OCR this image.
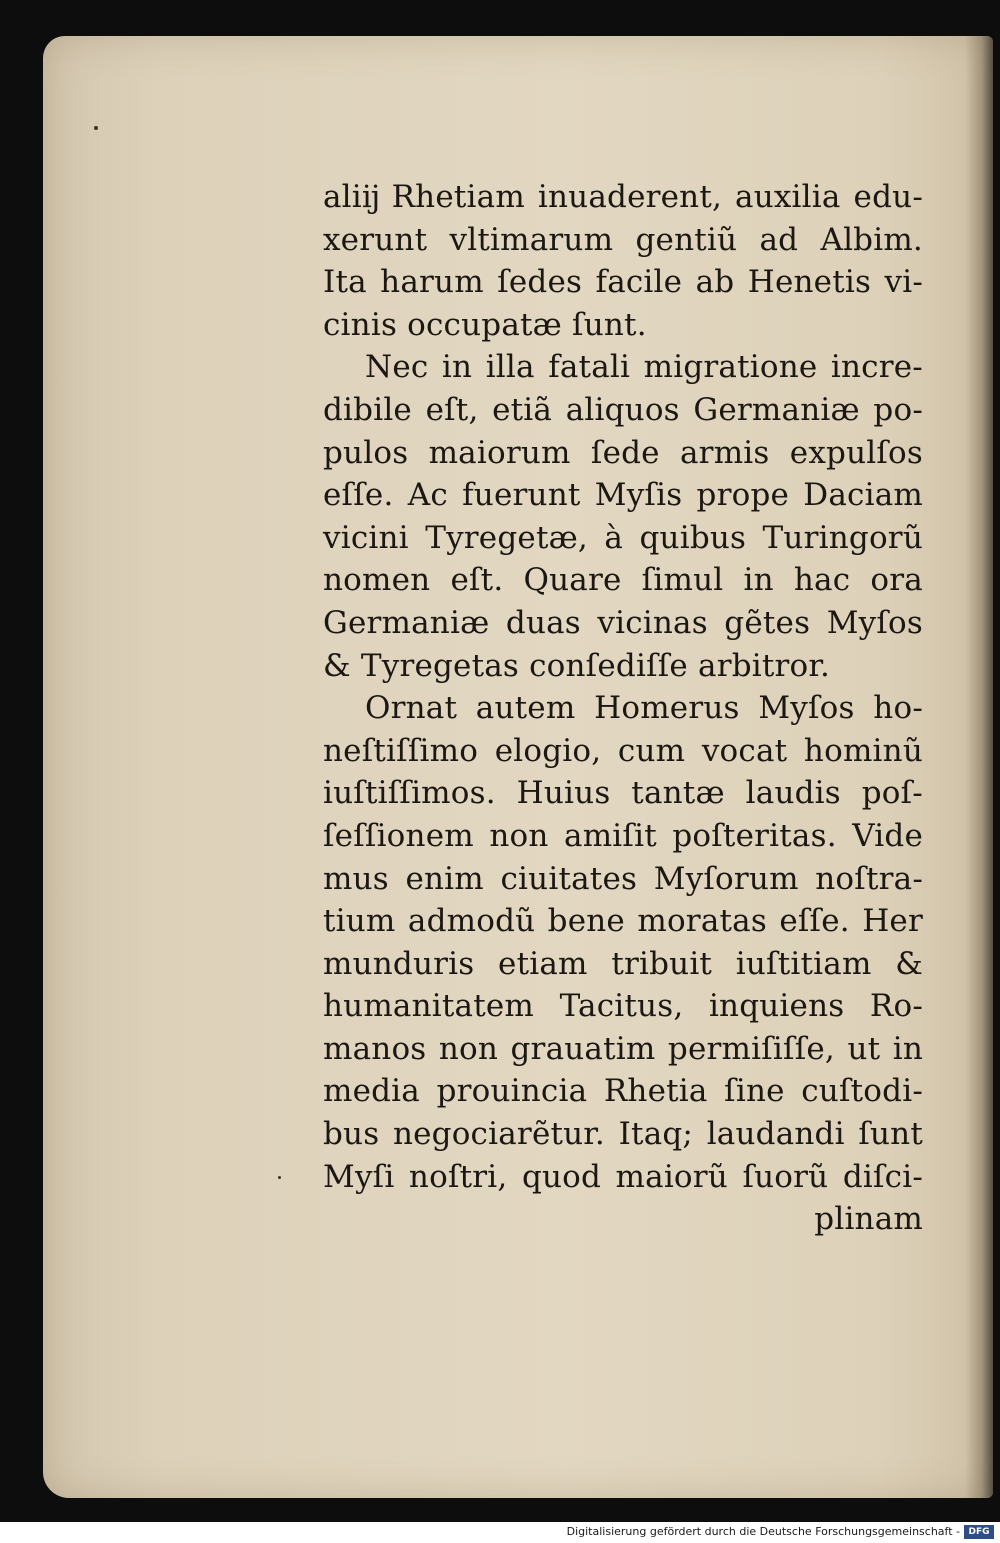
aliĳ Rhetiam inuaderent, auxilia edu-
xerunt vltimarum gentiũ ad Albim.
Ita harum ſedes facile ab Henetis vi-
cinis occupatæ ſunt.
Nec in illa fatali migratione incre-
dibile eſt, etiã aliquos Germaniæ po-
pulos maiorum ſede armis expulſos
eſſe. Ac fuerunt Myſis prope Daciam
vicini Tyregetæ, à quibus Turingorũ
nomen eſt. Quare ſimul in hac ora
Germaniæ duas vicinas gẽtes Myſos
& Tyregetas conſediſſe arbitror.
Ornat autem Homerus Myſos ho-
neſtiſſimo elogio, cum vocat hominũ
iuſtiſſimos. Huius tantæ laudis poſ-
ſeſſionem non amiſit poſteritas. Vide
mus enim ciuitates Myſorum noſtra-
tium admodũ bene moratas eſſe. Her
munduris etiam tribuit iuſtitiam &
humanitatem Tacitus, inquiens Ro-
manos non grauatim permiſiſſe, ut in
media prouincia Rhetia ſine cuſtodi-
bus negociarẽtur. Itaq; laudandi ſunt
Myſi noſtri, quod maiorũ ſuorũ diſci-
plinam
Digitalisierung gefördert durch die Deutsche Forschungsgemeinschaft - DFG
